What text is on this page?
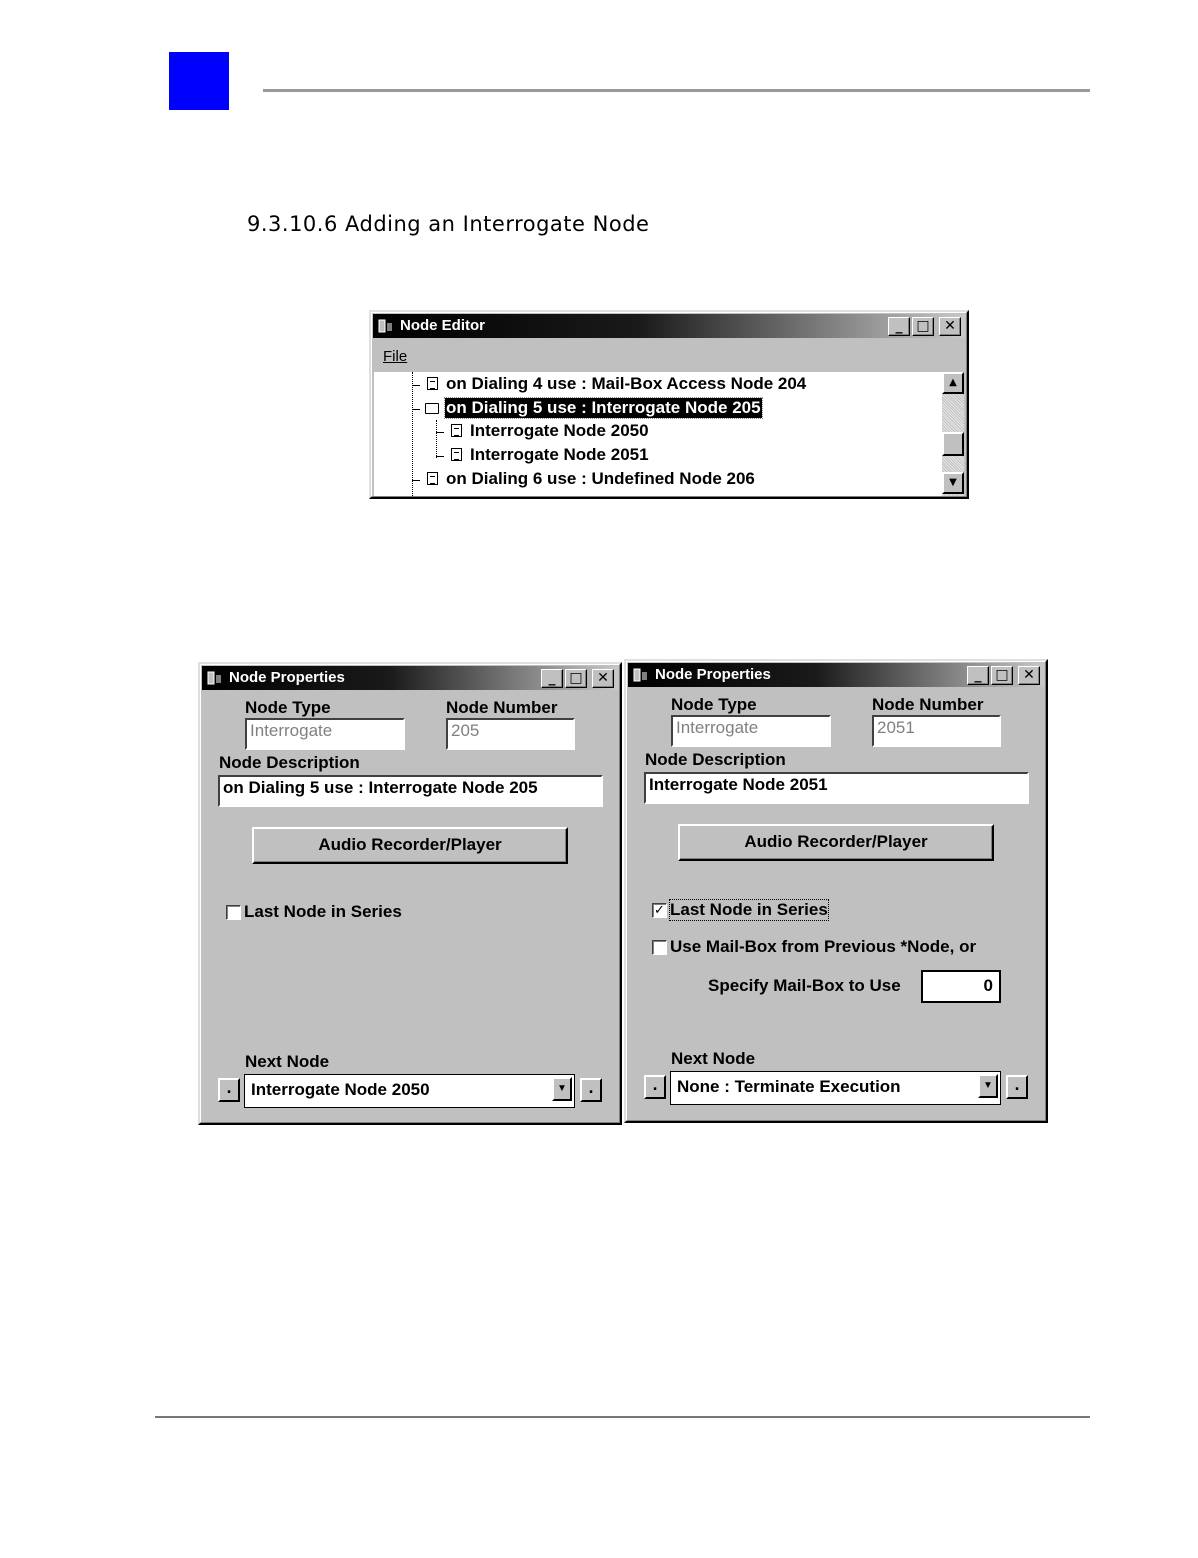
9.3.10.6 Adding an Interrogate Node
Node Editor	_ □	✕
File
on Dialing 4 use : Mail-Box Access Node 204
on Dialing 5 use : Interrogate Node 205
Interrogate Node 2050
Interrogate Node 2051
on Dialing 6 use : Undefined Node 206
▲
▼
Node Properties	_ □	✕
Node Type
Interrogate
Node Number
205
Node Description
on Dialing 5 use : Interrogate Node 205
Audio Recorder/Player
Last Node in Series
Next Node
.	Interrogate Node 2050	▼	.
Node Properties	_ □	✕
Node Type
Interrogate
Node Number
2051
Node Description
Interrogate Node 2051
Audio Recorder/Player
✓ Last Node in Series
Use Mail-Box from Previous *Node, or
Specify Mail-Box to Use	0
Next Node
.	None : Terminate Execution	▼	.
